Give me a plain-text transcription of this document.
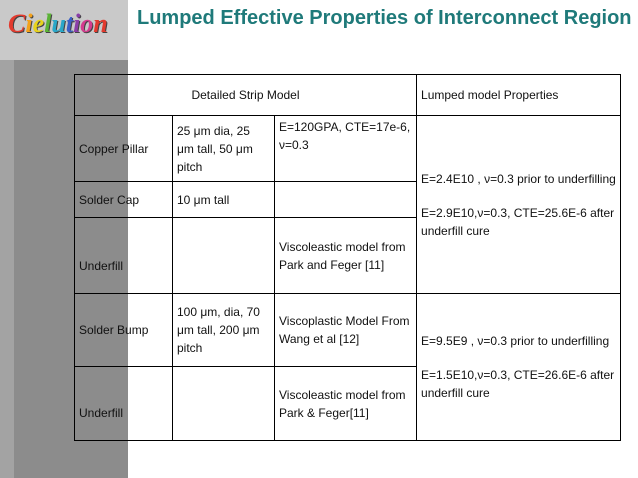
Cielution Lumped Effective Properties of Interconnect Region
Detailed Strip Model			Lumped model Properties
Copper Pillar	25 μm dia, 25 μm tall, 50 μm pitch	E=120GPA, CTE=17e-6, ν=0.3	E=2.4E10 , ν=0.3 prior to underfilling
E=2.9E10,ν=0.3, CTE=25.6E-6 after underfill cure

Solder Cap	10 μm tall		
Underfill		Viscoleastic model from Park and Feger [11]	
Solder Bump	100 μm, dia, 70 μm tall, 200 μm pitch	Viscoplastic Model From Wang et al [12]	E=9.5E9 , ν=0.3 prior to underfilling
E=1.5E10,ν=0.3, CTE=26.6E-6 after underfill cure

Underfill		Viscoleastic model from Park & Feger[11]	
